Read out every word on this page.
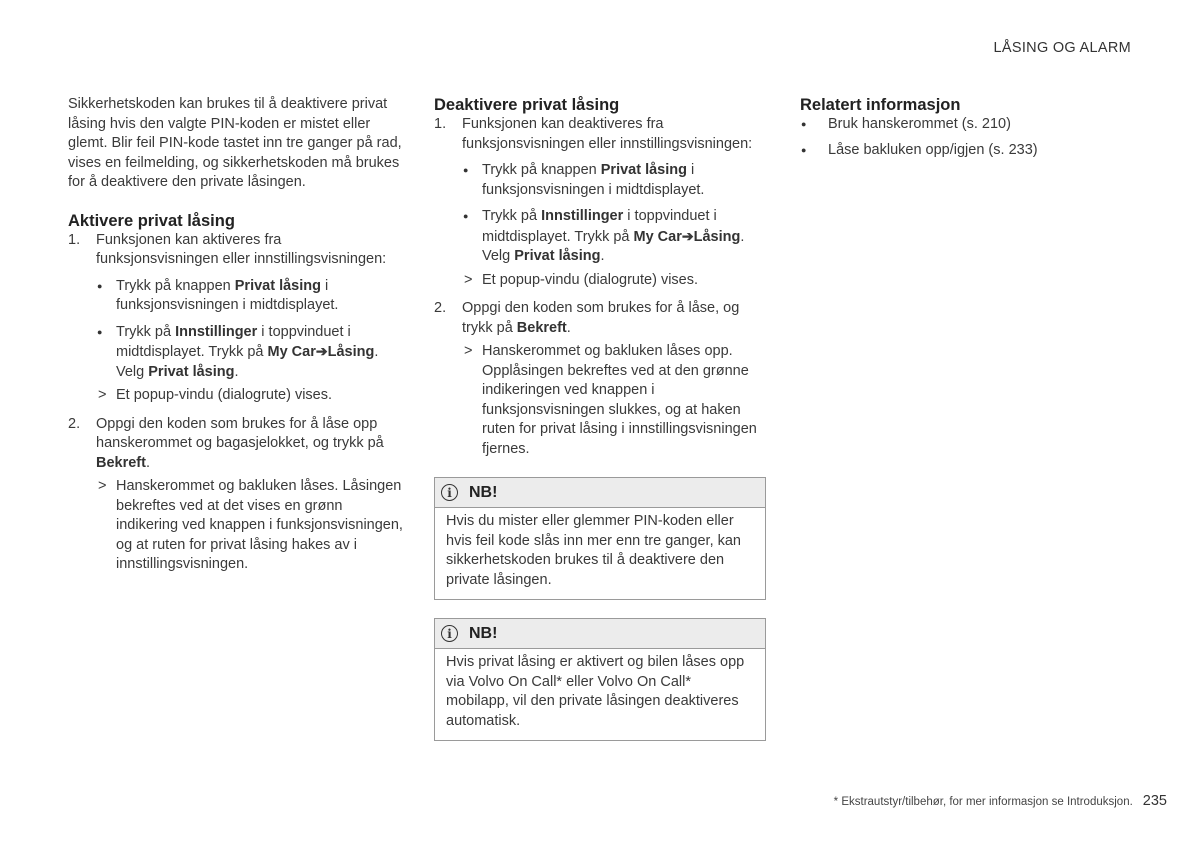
LÅSING OG ALARM

Sikkerhetskoden kan brukes til å deaktivere privat låsing hvis den valgte PIN-koden er mistet eller glemt. Blir feil PIN-kode tastet inn tre ganger på rad, vises en feilmelding, og sikkerhetskoden må brukes for å deaktivere den private låsingen.

Aktivere privat låsing
1.	Funksjonen kan aktiveres fra funksjonsvisningen eller innstillingsvisningen:
● Trykk på knappen Privat låsing i funksjonsvisningen i midtdisplayet.
● Trykk på Innstillinger i toppvinduet i midtdisplayet. Trykk på My Car➔Låsing. Velg Privat låsing.
> Et popup-vindu (dialogrute) vises.
2.	Oppgi den koden som brukes for å låse opp hanskerommet og bagasjelokket, og trykk på Bekreft.
> Hanskerommet og bakluken låses. Låsingen bekreftes ved at det vises en grønn indikering ved knappen i funksjonsvisningen, og at ruten for privat låsing hakes av i innstillingsvisningen.
Deaktivere privat låsing
1.	Funksjonen kan deaktiveres fra funksjonsvisningen eller innstillingsvisningen:
● Trykk på knappen Privat låsing i funksjonsvisningen i midtdisplayet.
● Trykk på Innstillinger i toppvinduet i midtdisplayet. Trykk på My Car➔Låsing. Velg Privat låsing.
> Et popup-vindu (dialogrute) vises.
2.	Oppgi den koden som brukes for å låse, og trykk på Bekreft.
> Hanskerommet og bakluken låses opp. Opplåsingen bekreftes ved at den grønne indikeringen ved knappen i funksjonsvisningen slukkes, og at haken ruten for privat låsing i innstillingsvisningen fjernes.
i	NB!
Hvis du mister eller glemmer PIN-koden eller hvis feil kode slås inn mer enn tre ganger, kan sikkerhetskoden brukes til å deaktivere den private låsingen.
i	NB!
Hvis privat låsing er aktivert og bilen låses opp via Volvo On Call* eller Volvo On Call* mobilapp, vil den private låsingen deaktiveres automatisk.
Relatert informasjon
● Bruk hanskerommet (s. 210)
● Låse bakluken opp/igjen (s. 233)
* Ekstrautstyr/tilbehør, for mer informasjon se Introduksjon. 235
